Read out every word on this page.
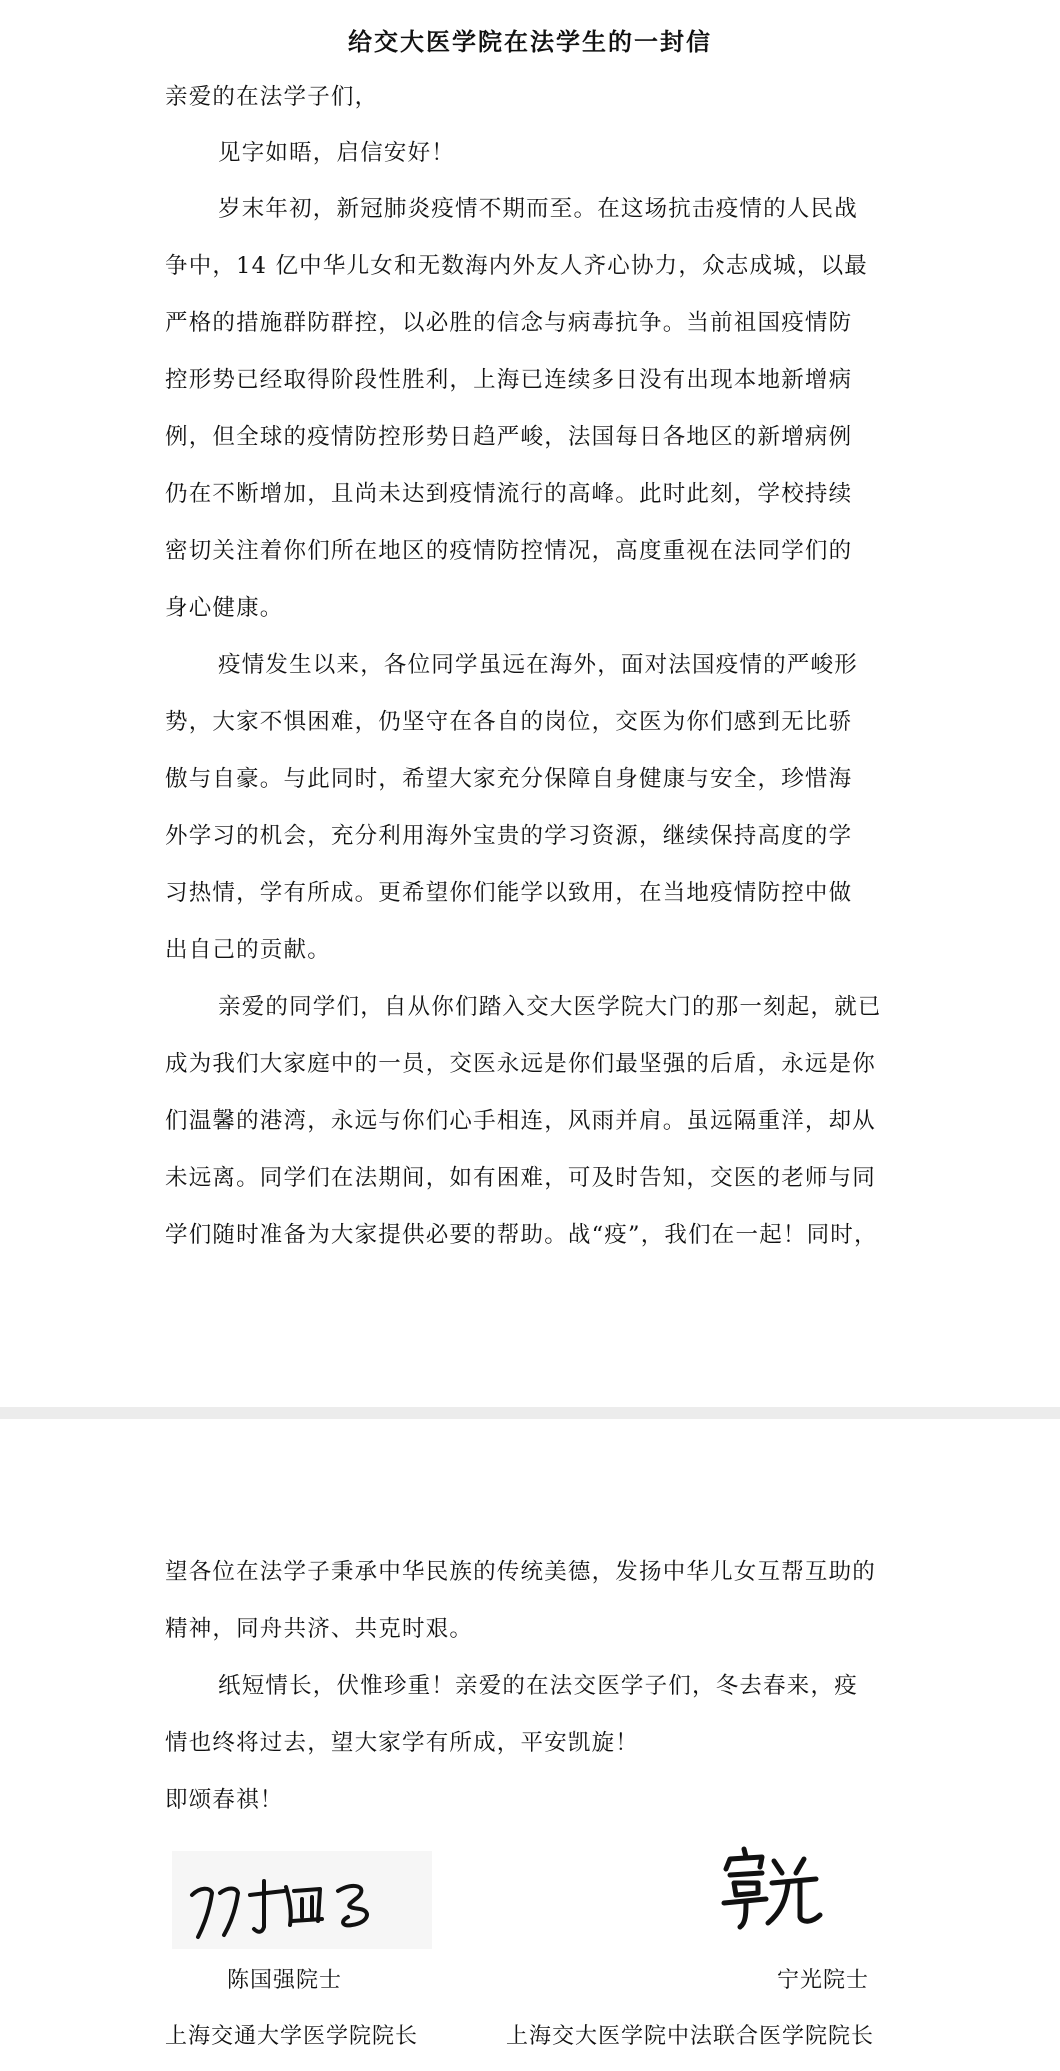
给交大医学院在法学生的一封信
亲爱的在法学子们，
见字如晤，启信安好！
岁末年初，新冠肺炎疫情不期而至。在这场抗击疫情的人民战
争中，14 亿中华儿女和无数海内外友人齐心协力，众志成城，以最
严格的措施群防群控，以必胜的信念与病毒抗争。当前祖国疫情防
控形势已经取得阶段性胜利，上海已连续多日没有出现本地新增病
例，但全球的疫情防控形势日趋严峻，法国每日各地区的新增病例
仍在不断增加，且尚未达到疫情流行的高峰。此时此刻，学校持续
密切关注着你们所在地区的疫情防控情况，高度重视在法同学们的
身心健康。
疫情发生以来，各位同学虽远在海外，面对法国疫情的严峻形
势，大家不惧困难，仍坚守在各自的岗位，交医为你们感到无比骄
傲与自豪。与此同时，希望大家充分保障自身健康与安全，珍惜海
外学习的机会，充分利用海外宝贵的学习资源，继续保持高度的学
习热情，学有所成。更希望你们能学以致用，在当地疫情防控中做
出自己的贡献。
亲爱的同学们，自从你们踏入交大医学院大门的那一刻起，就已
成为我们大家庭中的一员，交医永远是你们最坚强的后盾，永远是你
们温馨的港湾，永远与你们心手相连，风雨并肩。虽远隔重洋，却从
未远离。同学们在法期间，如有困难，可及时告知，交医的老师与同
学们随时准备为大家提供必要的帮助。战“疫”，我们在一起！同时，
望各位在法学子秉承中华民族的传统美德，发扬中华儿女互帮互助的
精神，同舟共济、共克时艰。
纸短情长，伏惟珍重！亲爱的在法交医学子们，冬去春来，疫
情也终将过去，望大家学有所成，平安凯旋！
即颂春祺！
陈国强院士	宁光院士
上海交通大学医学院院长	上海交大医学院中法联合医学院院长
